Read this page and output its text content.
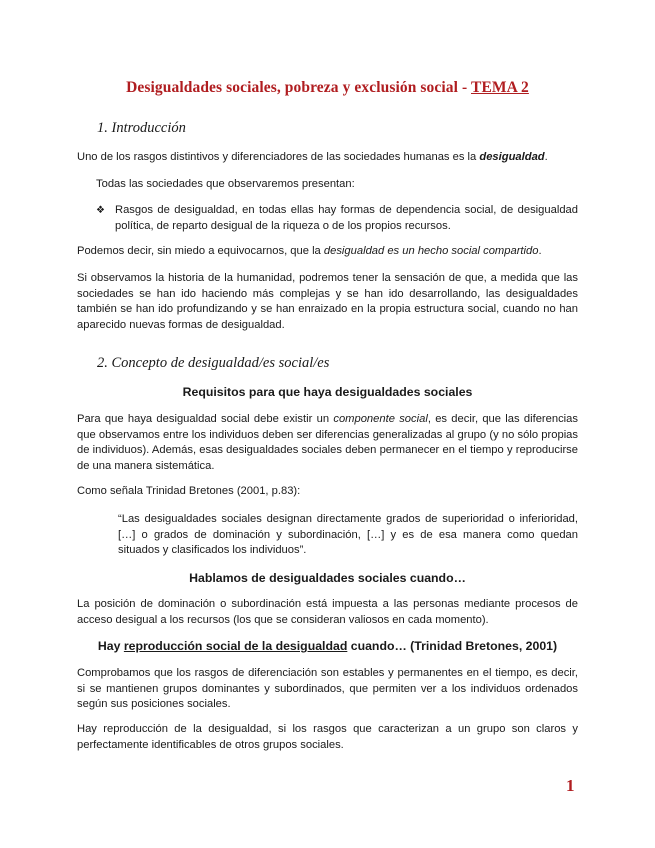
Desigualdades sociales, pobreza y exclusión social - TEMA 2
1. Introducción
Uno de los rasgos distintivos y diferenciadores de las sociedades humanas es la desigualdad.
Todas las sociedades que observaremos presentan:
❖ Rasgos de desigualdad, en todas ellas hay formas de dependencia social, de desigualdad política, de reparto desigual de la riqueza o de los propios recursos.
Podemos decir, sin miedo a equivocarnos, que la desigualdad es un hecho social compartido.
Si observamos la historia de la humanidad, podremos tener la sensación de que, a medida que las sociedades se han ido haciendo más complejas y se han ido desarrollando, las desigualdades también se han ido profundizando y se han enraizado en la propia estructura social, cuando no han aparecido nuevas formas de desigualdad.
2. Concepto de desigualdad/es social/es
Requisitos para que haya desigualdades sociales
Para que haya desigualdad social debe existir un componente social, es decir, que las diferencias que observamos entre los individuos deben ser diferencias generalizadas al grupo (y no sólo propias de individuos). Además, esas desigualdades sociales deben permanecer en el tiempo y reproducirse de una manera sistemática.
Como señala Trinidad Bretones (2001, p.83):
“Las desigualdades sociales designan directamente grados de superioridad o inferioridad, […] o grados de dominación y subordinación, […] y es de esa manera como quedan situados y clasificados los individuos”.
Hablamos de desigualdades sociales cuando…
La posición de dominación o subordinación está impuesta a las personas mediante procesos de acceso desigual a los recursos (los que se consideran valiosos en cada momento).
Hay reproducción social de la desigualdad cuando… (Trinidad Bretones, 2001)
Comprobamos que los rasgos de diferenciación son estables y permanentes en el tiempo, es decir, si se mantienen grupos dominantes y subordinados, que permiten ver a los individuos ordenados según sus posiciones sociales.
Hay reproducción de la desigualdad, si los rasgos que caracterizan a un grupo son claros y perfectamente identificables de otros grupos sociales.
1
